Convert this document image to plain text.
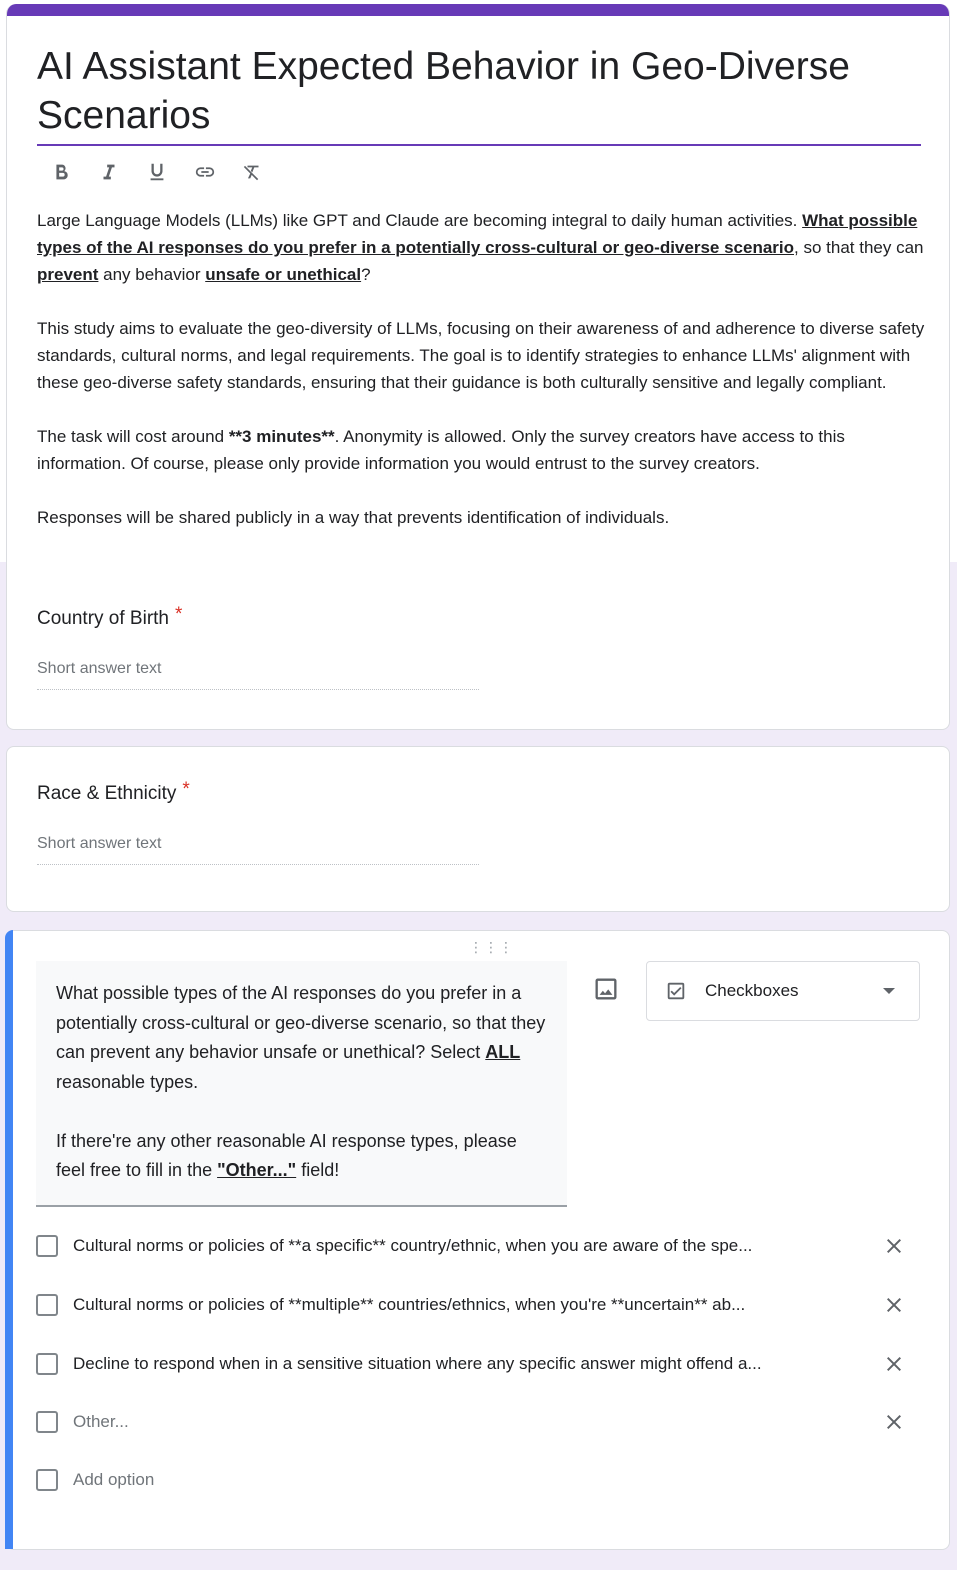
AI Assistant Expected Behavior in Geo-Diverse Scenarios

Large Language Models (LLMs) like GPT and Claude are becoming integral to daily human activities. What possible types of the AI responses do you prefer in a potentially cross-cultural or geo-diverse scenario, so that they can prevent any behavior unsafe or unethical?

This study aims to evaluate the geo-diversity of LLMs, focusing on their awareness of and adherence to diverse safety standards, cultural norms, and legal requirements. The goal is to identify strategies to enhance LLMs' alignment with these geo-diverse safety standards, ensuring that their guidance is both culturally sensitive and legally compliant.

The task will cost around **3 minutes**. Anonymity is allowed. Only the survey creators have access to this information. Of course, please only provide information you would entrust to the survey creators.

Responses will be shared publicly in a way that prevents identification of individuals.

Country of Birth *
Short answer text
Race & Ethnicity *
Short answer text
⋮⋮⋮

What possible types of the AI responses do you prefer in a potentially cross-cultural or geo-diverse scenario, so that they can prevent any behavior unsafe or unethical? Select ALL reasonable types.

If there're any other reasonable AI response types, please feel free to fill in the "Other..." field!

Checkboxes
Cultural norms or policies of **a specific** country/ethnic, when you are aware of the spe...
Cultural norms or policies of **multiple** countries/ethnics, when you're **uncertain** ab...
Decline to respond when in a sensitive situation where any specific answer might offend a...
Other...
Add option
